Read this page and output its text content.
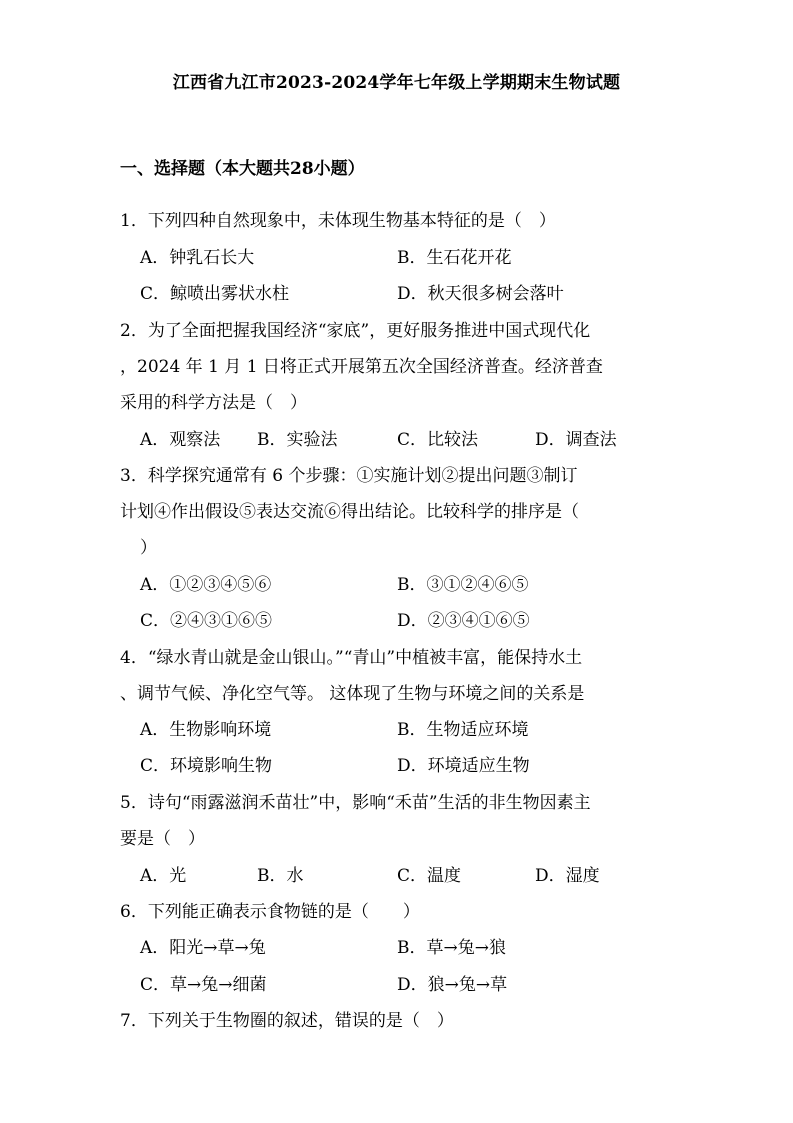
江西省九江市2023-2024学年七年级上学期期末生物试题
一、选择题（本大题共28小题）
1．下列四种自然现象中，未体现生物基本特征的是（　）
A．钟乳石长大	B．生石花开花
C．鲸喷出雾状水柱	D．秋天很多树会落叶
2．为了全面把握我国经济“家底”，更好服务推进中国式现代化
，2024 年 1 月 1 日将正式开展第五次全国经济普查。经济普查
采用的科学方法是（　）
A．观察法 B．实验法	C．比较法	D．调查法
3．科学探究通常有 6 个步骤：①实施计划②提出问题③制订
计划④作出假设⑤表达交流⑥得出结论。比较科学的排序是（
）
A．①②③④⑤⑥	B．③①②④⑥⑤
C．②④③①⑥⑤	D．②③④①⑥⑤
4．“绿水青山就是金山银山。”“青山”中植被丰富，能保持水土
、调节气候、净化空气等。 这体现了生物与环境之间的关系是
A．生物影响环境	B．生物适应环境
C．环境影响生物	D．环境适应生物
5．诗句“雨露滋润禾苗壮”中，影响“禾苗”生活的非生物因素主
要是（　）
A．光	B．水	C．温度	D．湿度
6．下列能正确表示食物链的是（　　）
A．阳光→草→兔	B．草→兔→狼
C．草→兔→细菌	D．狼→兔→草
7．下列关于生物圈的叙述，错误的是（　）
